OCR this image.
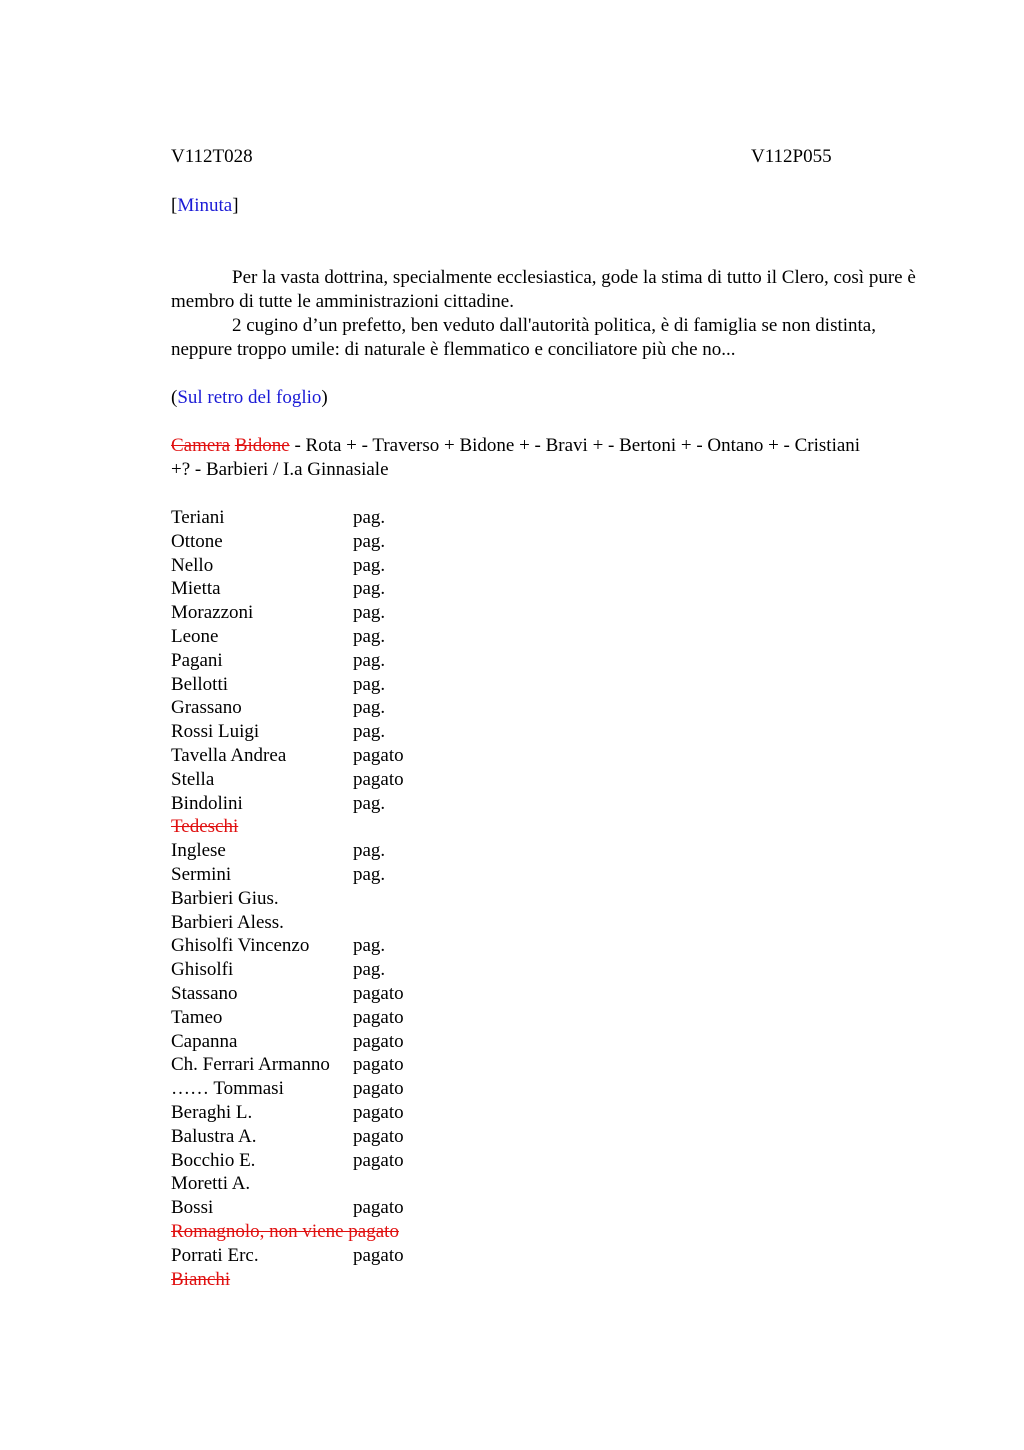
V112T028	V112P055
[Minuta]

Per la vasta dottrina, specialmente ecclesiastica, gode la stima di tutto il Clero, così pure è membro di tutte le amministrazioni cittadine.

2 cugino d’un prefetto, ben veduto dall'autorità politica, è di famiglia se non distinta, neppure troppo umile: di naturale è flemmatico e conciliatore più che no...

(Sul retro del foglio)
Camera Bidone - Rota + - Traverso + Bidone + - Bravi + - Bertoni + - Ontano + - Cristiani
+? - Barbieri / I.a Ginnasiale
Teriani	pag.
Ottone	pag.
Nello	pag.
Mietta	pag.
Morazzoni	pag.
Leone	pag.
Pagani	pag.
Bellotti	pag.
Grassano	pag.
Rossi Luigi	pag.
Tavella Andrea	pagato
Stella	pagato
Bindolini	pag.
Tedeschi
Inglese	pag.
Sermini	pag.
Barbieri Gius.
Barbieri Aless.
Ghisolfi Vincenzo pag.
Ghisolfi	pag.
Stassano	pagato
Tameo	pagato
Capanna	pagato
Ch. Ferrari Armanno pagato
…… Tommasi	pagato
Beraghi L.	pagato
Balustra A.	pagato
Bocchio E.	pagato
Moretti A.
Bossi	pagato
Romagnolo, non viene pagato
Porrati Erc.	pagato
Bianchi
